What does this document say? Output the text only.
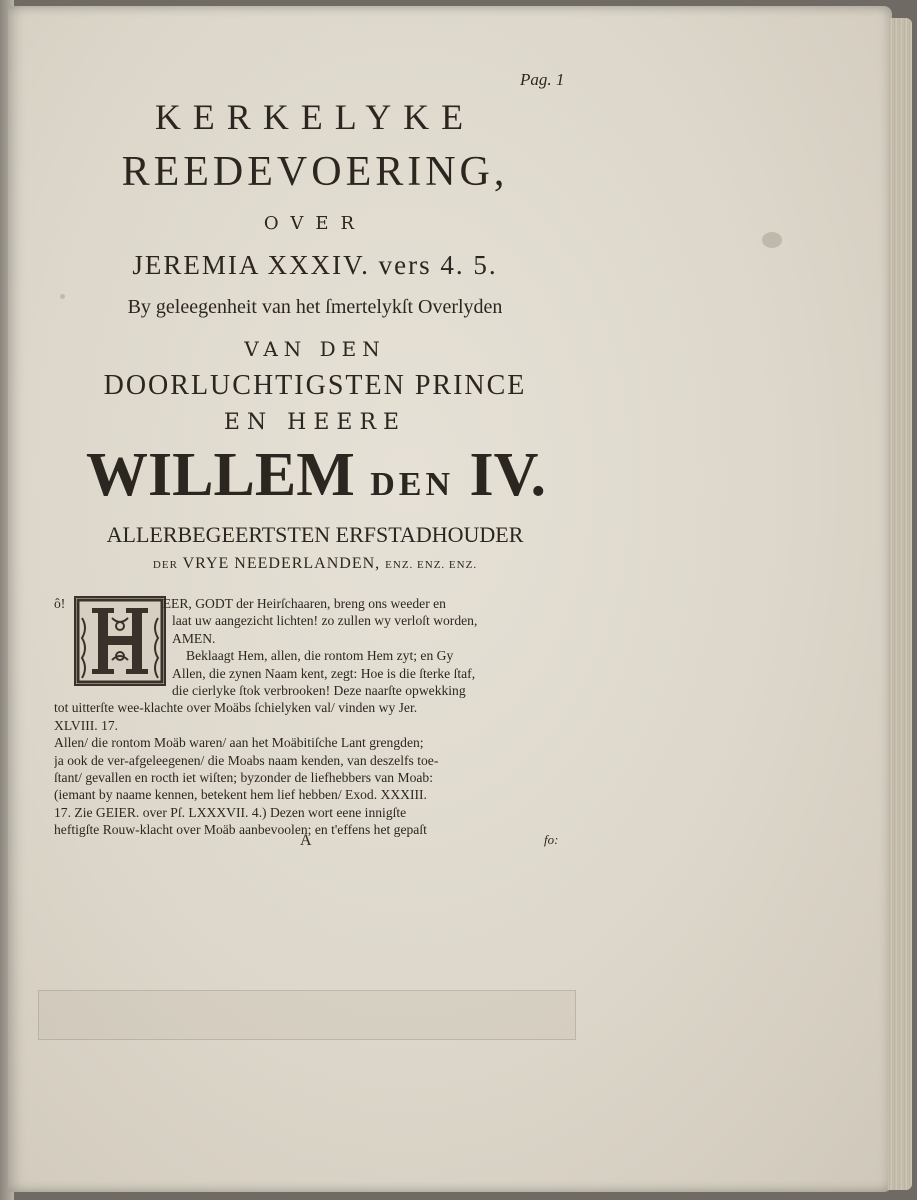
Pag. 1
KERKELYKE
REEDEVOERING,
OVER
JEREMIA XXXIV. vers 4. 5.
By geleegenheit van het ſmertelykſt Overlyden
VAN DEN
DOORLUCHTIGSTEN PRINCE
EN HEERE
WILLEM DEN IV.
ALLERBEGEERTSTEN ERFSTADHOUDER
DER VRYE NEEDERLANDEN, ENZ. ENZ. ENZ.
ô!	EER, GODT der Heirſchaaren, breng ons weeder en
laat uw aangezicht lichten! zo zullen wy verloſt worden,
AMEN.
Beklaagt Hem, allen, die rontom Hem zyt; en Gy
Allen, die zynen Naam kent, zegt: Hoe is die ſterke ſtaf,
die cierlyke ſtok verbrooken! Deze naarſte opwekking
tot uitterſte wee-klachte over Moäbs ſchielyken val/ vinden wy Jer.
XLVIII. 17.
Allen/ die rontom Moäb waren/ aan het Moäbitiſche Lant grengden;
ja ook de ver-afgeleegenen/ die Moabs naam kenden, van deszelfs toe-
ſtant/ gevallen en rocth iet wiſten; byzonder de liefhebbers van Moab:
(iemant by naame kennen, betekent hem lief hebben/ Exod. XXXIII.
17. Zie GEIER. over Pſ. LXXXVII. 4.) Dezen wort eene innigſte
heftigſte Rouw-klacht over Moäb aanbevoolen; en t'effens het gepaſt
A	fo:
